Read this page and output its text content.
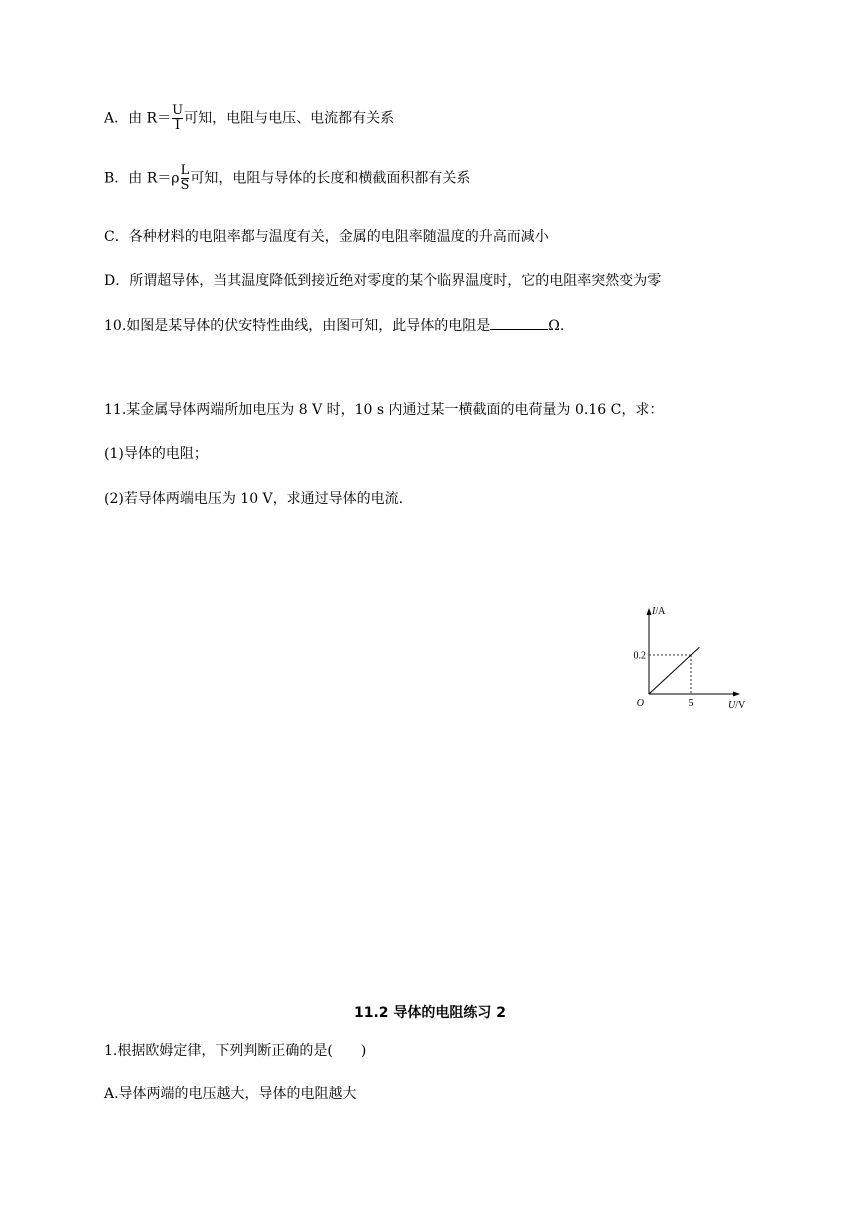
A．由 $R= \frac{U}{I}$ 可知，电阻与电压、电流都有关系
B．由 $R=\rho \frac{L}{S}$ 可知，电阻与导体的长度和横截面积都有关系
C．各种材料的电阻率都与温度有关，金属的电阻率随温度的升高而减小
D．所谓超导体，当其温度降低到接近绝对零度的某个临界温度时，它的电阻率突然变为零
10.如图是某导体的伏安特性曲线，由图可知，此导体的电阻是	Ω.
11.某金属导体两端所加电压为 8 V 时，10 s 内通过某一横截面的电荷量为 0.16 C，求：
(1)导体的电阻；
(2)若导体两端电压为 10 V，求通过导体的电流.
I/A
0.2
O	5	U/V
11.2 导体的电阻练习 2
1.根据欧姆定律，下列判断正确的是(　　)
A.导体两端的电压越大，导体的电阻越大
